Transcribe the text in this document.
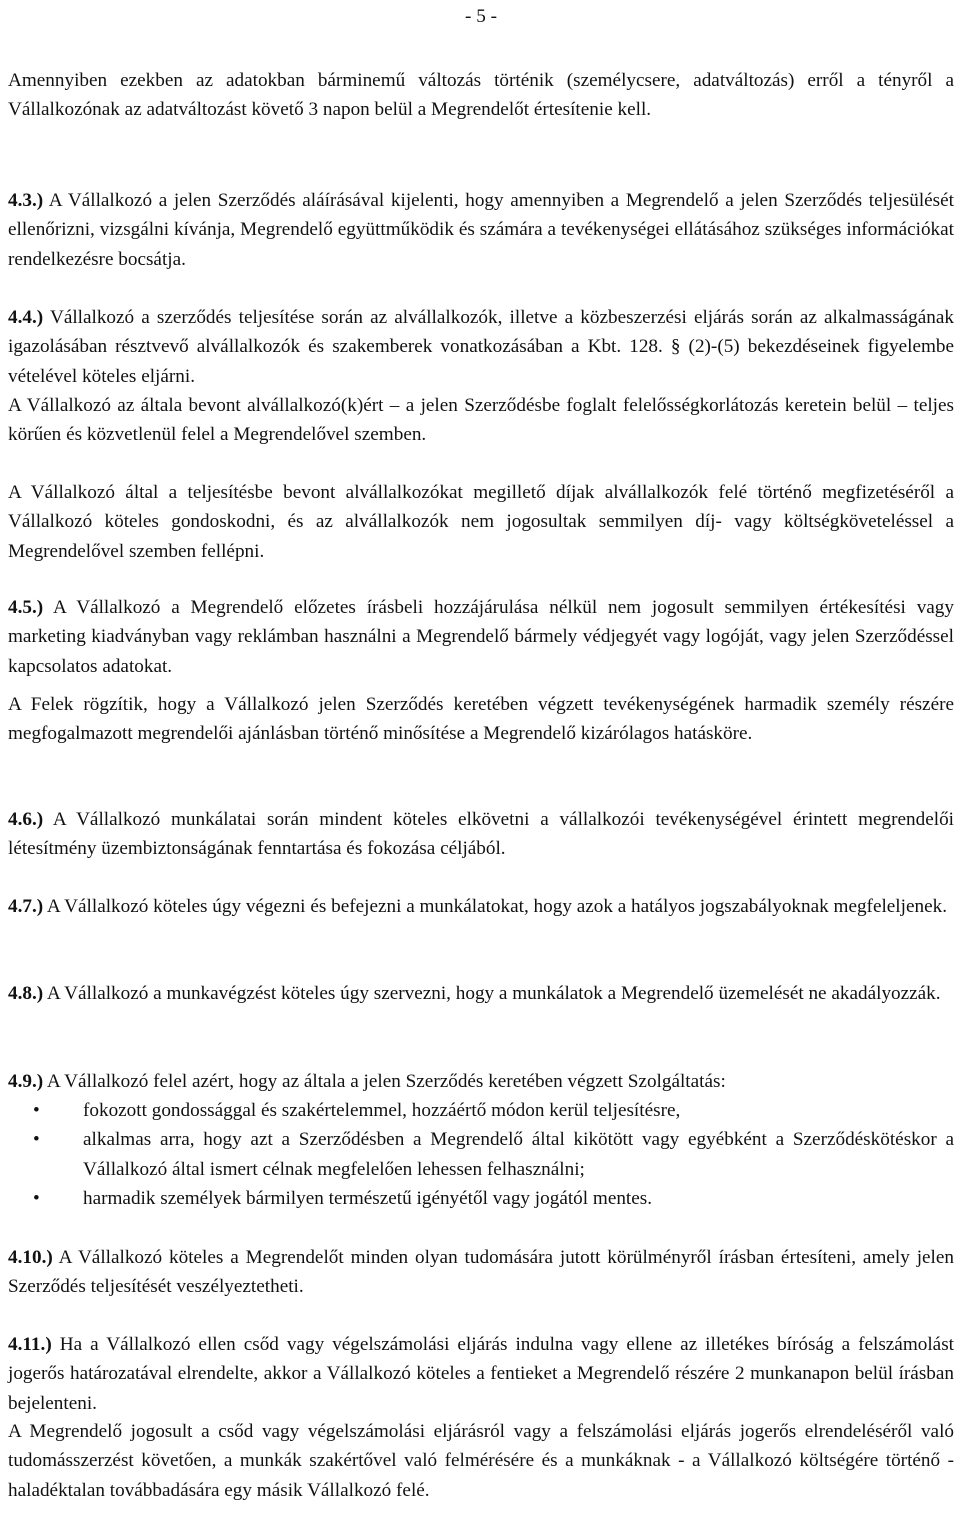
- 5 -

Amennyiben ezekben az adatokban bárminemű változás történik (személycsere, adatváltozás) erről a tényről a Vállalkozónak az adatváltozást követő 3 napon belül a Megrendelőt értesítenie kell.

4.3.) A Vállalkozó a jelen Szerződés aláírásával kijelenti, hogy amennyiben a Megrendelő a jelen Szerződés teljesülését ellenőrizni, vizsgálni kívánja, Megrendelő együttműködik és számára a tevékenységei ellátásához szükséges információkat rendelkezésre bocsátja.

4.4.) Vállalkozó a szerződés teljesítése során az alvállalkozók, illetve a közbeszerzési eljárás során az alkalmasságának igazolásában résztvevő alvállalkozók és szakemberek vonatkozásában a Kbt. 128. § (2)-(5) bekezdéseinek figyelembe vételével köteles eljárni.

A Vállalkozó az általa bevont alvállalkozó(k)ért – a jelen Szerződésbe foglalt felelősségkorlátozás keretein belül – teljes körűen és közvetlenül felel a Megrendelővel szemben.

A Vállalkozó által a teljesítésbe bevont alvállalkozókat megillető díjak alvállalkozók felé történő megfizetéséről a Vállalkozó köteles gondoskodni, és az alvállalkozók nem jogosultak semmilyen díj- vagy költségköveteléssel a Megrendelővel szemben fellépni.

4.5.) A Vállalkozó a Megrendelő előzetes írásbeli hozzájárulása nélkül nem jogosult semmilyen értékesítési vagy marketing kiadványban vagy reklámban használni a Megrendelő bármely védjegyét vagy logóját, vagy jelen Szerződéssel kapcsolatos adatokat.

A Felek rögzítik, hogy a Vállalkozó jelen Szerződés keretében végzett tevékenységének harmadik személy részére megfogalmazott megrendelői ajánlásban történő minősítése a Megrendelő kizárólagos hatásköre.

4.6.) A Vállalkozó munkálatai során mindent köteles elkövetni a vállalkozói tevékenységével érintett megrendelői létesítmény üzembiztonságának fenntartása és fokozása céljából.

4.7.) A Vállalkozó köteles úgy végezni és befejezni a munkálatokat, hogy azok a hatályos jogszabályoknak megfeleljenek.

4.8.) A Vállalkozó a munkavégzést köteles úgy szervezni, hogy a munkálatok a Megrendelő üzemelését ne akadályozzák.

4.9.) A Vállalkozó felel azért, hogy az általa a jelen Szerződés keretében végzett Szolgáltatás:

• fokozott gondossággal és szakértelemmel, hozzáértő módon kerül teljesítésre,
• alkalmas arra, hogy azt a Szerződésben a Megrendelő által kikötött vagy egyébként a Szerződéskötéskor a Vállalkozó által ismert célnak megfelelően lehessen felhasználni;
• harmadik személyek bármilyen természetű igényétől vagy jogától mentes.

4.10.) A Vállalkozó köteles a Megrendelőt minden olyan tudomására jutott körülményről írásban értesíteni, amely jelen Szerződés teljesítését veszélyeztetheti.

4.11.) Ha a Vállalkozó ellen csőd vagy végelszámolási eljárás indulna vagy ellene az illetékes bíróság a felszámolást jogerős határozatával elrendelte, akkor a Vállalkozó köteles a fentieket a Megrendelő részére 2 munkanapon belül írásban bejelenteni.

A Megrendelő jogosult a csőd vagy végelszámolási eljárásról vagy a felszámolási eljárás jogerős elrendeléséről való tudomásszerzést követően, a munkák szakértővel való felmérésére és a munkáknak - a Vállalkozó költségére történő - haladéktalan továbbadására egy másik Vállalkozó felé.
